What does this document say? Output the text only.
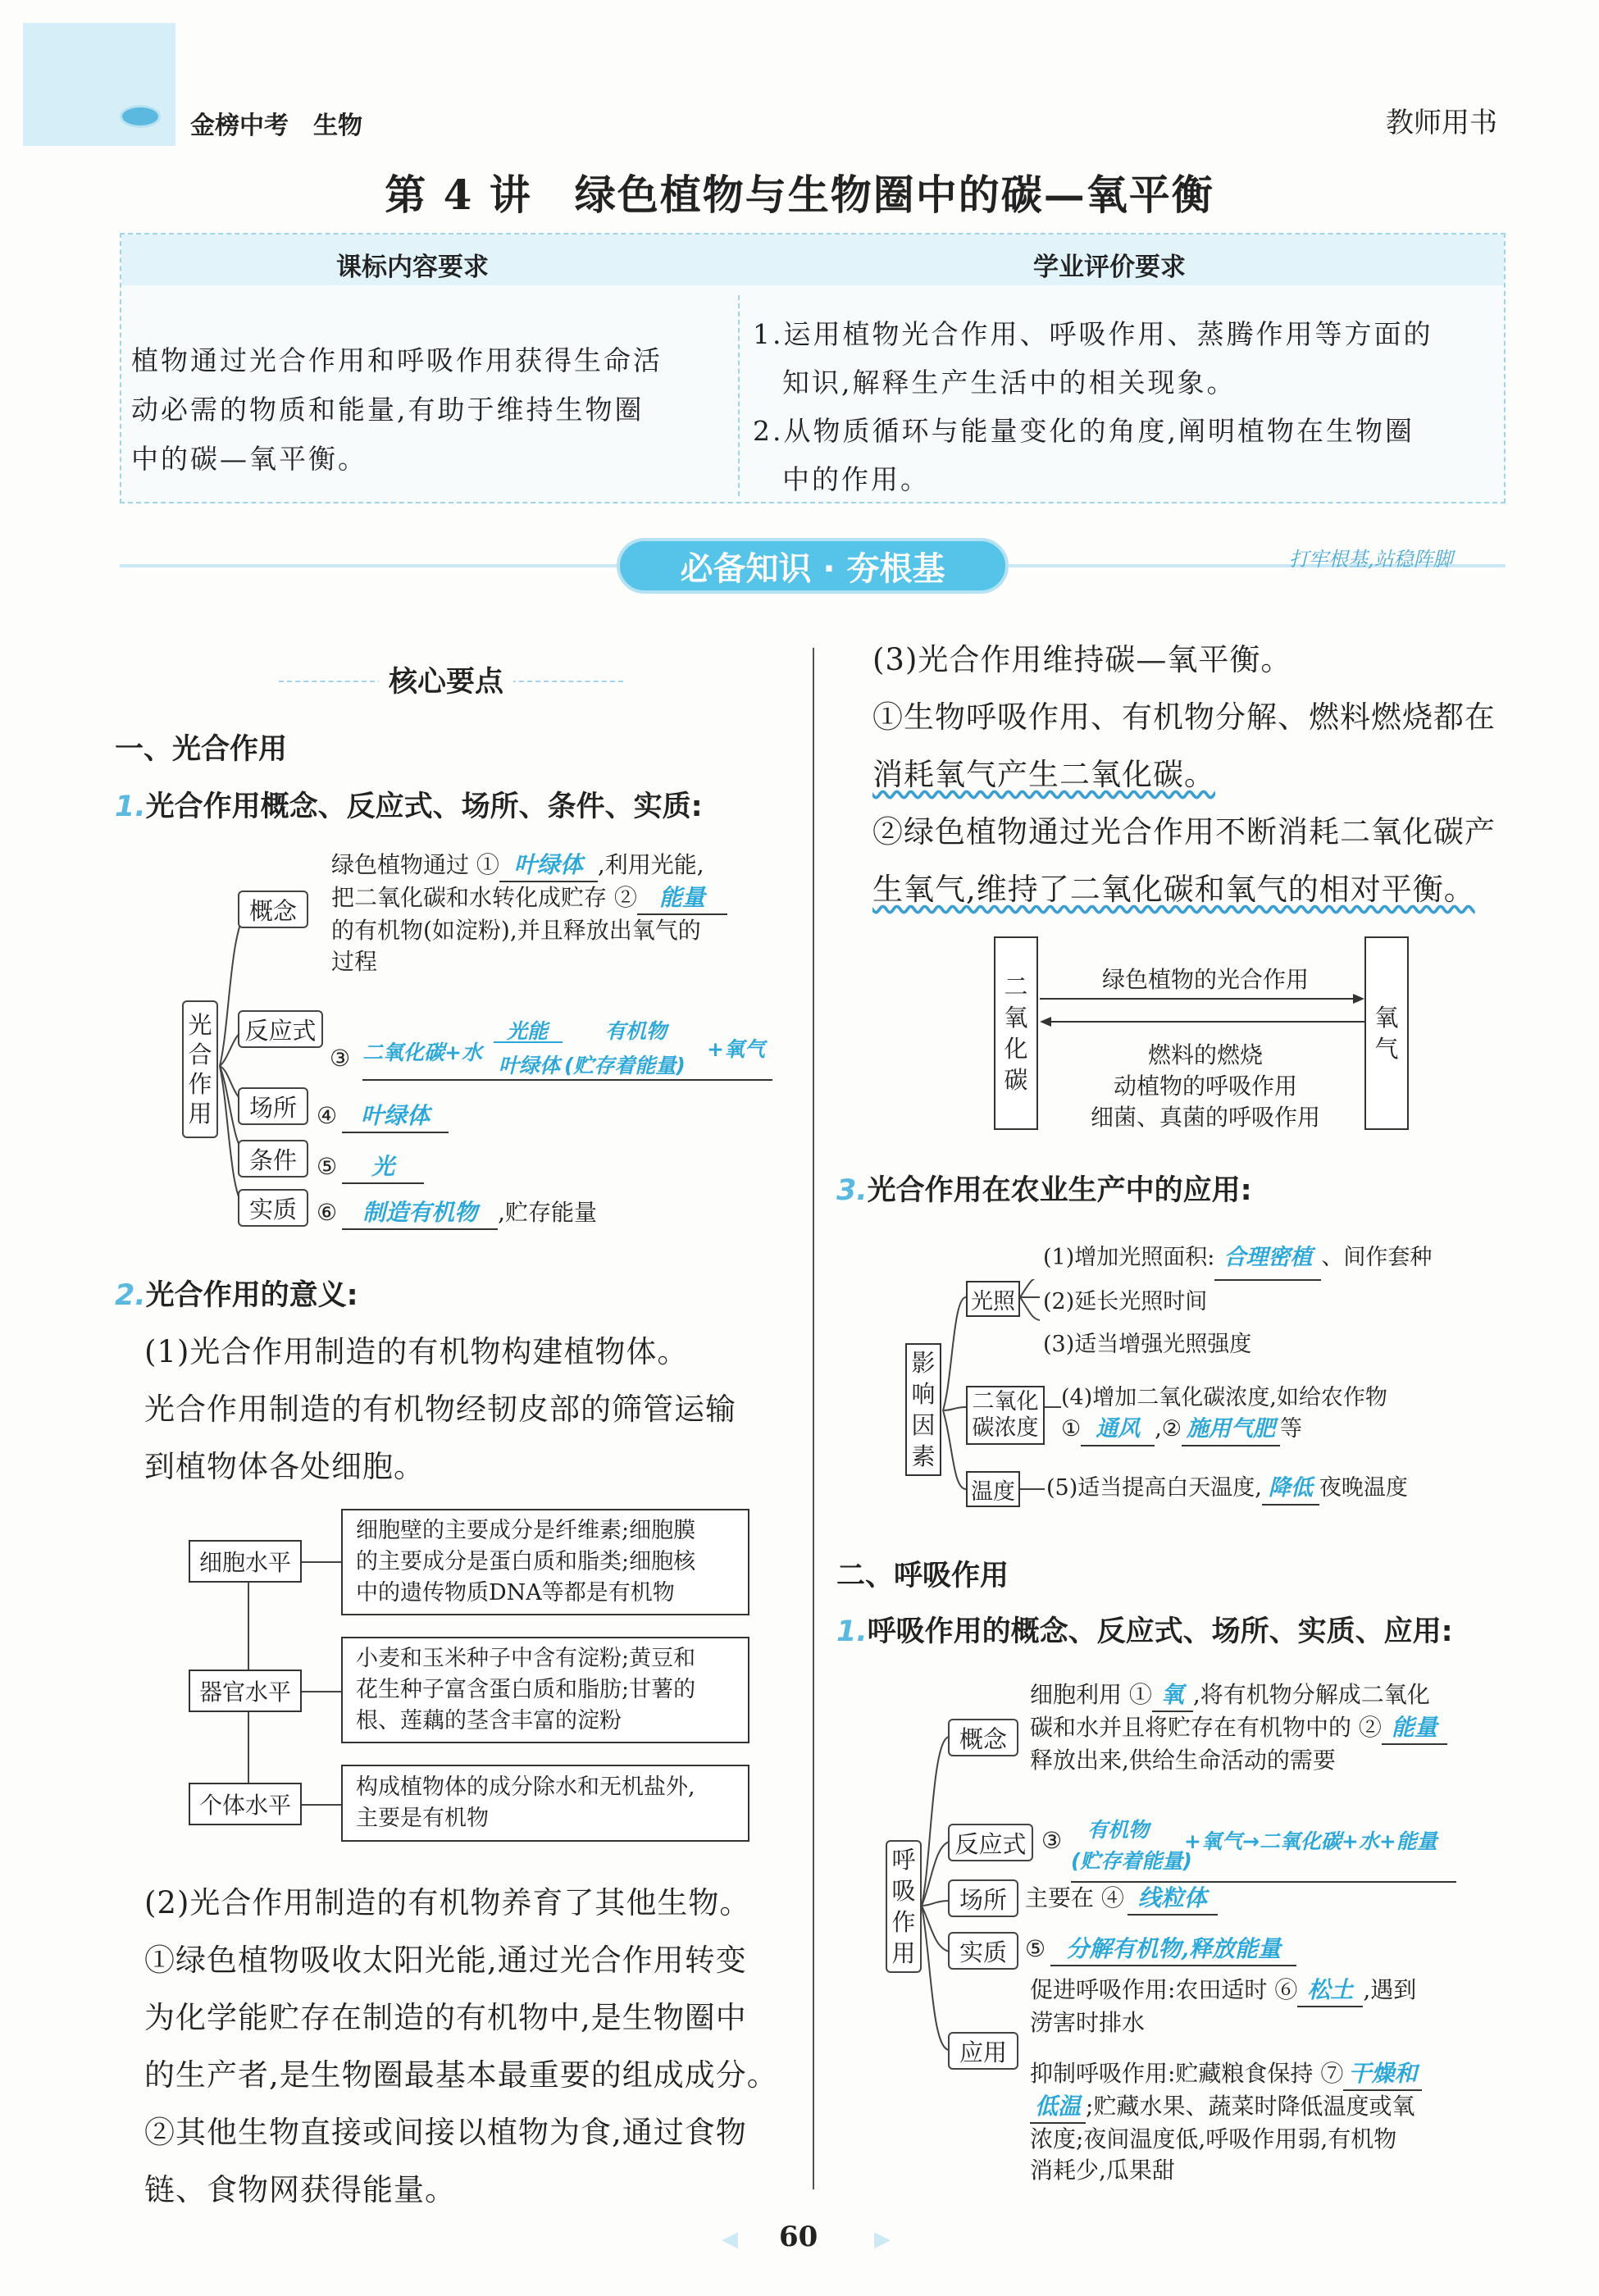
金榜中考　 生物	教师用书
第 4 讲　绿色植物与生物圈中的碳—氧平衡
课标内容要求	学业评价要求
植物通过光合作用和呼吸作用获得生命活
动必需的物质和能量,有助于维持生物圈
中的碳—氧平衡。
1.运用植物光合作用、呼吸作用、蒸腾作用等方面的
　知识,解释生产生活中的相关现象。
2.从物质循环与能量变化的角度,阐明植物在生物圈
　中的作用。
必备知识 · 夯根基	打牢根基,站稳阵脚
核心要点
一、光合作用
1.光合作用概念、反应式、场所、条件、实质:
光
合
作
用
概念
绿色植物通过 ① 叶绿体 ,利用光能,
把二氧化碳和水转化成贮存 ② 能量
的有机物(如淀粉),并且释放出氧气的
过程
反应式
③ 二氧化碳+水
光能
叶绿体
有机物
(贮存着能量)
+氧气
场所 ④ 叶绿体
条件 ⑤ 光
实质 ⑥ 制造有机物 ,贮存能量
2.光合作用的意义:
(1)光合作用制造的有机物构建植物体。
光合作用制造的有机物经韧皮部的筛管运输
到植物体各处细胞。
细胞水平
细胞壁的主要成分是纤维素;细胞膜
的主要成分是蛋白质和脂类;细胞核
中的遗传物质DNA等都是有机物
器官水平
小麦和玉米种子中含有淀粉;黄豆和
花生种子富含蛋白质和脂肪;甘薯的
根、莲藕的茎含丰富的淀粉
个体水平
构成植物体的成分除水和无机盐外,
主要是有机物
(2)光合作用制造的有机物养育了其他生物。
①绿色植物吸收太阳光能,通过光合作用转变
为化学能贮存在制造的有机物中,是生物圈中
的生产者,是生物圈最基本最重要的组成成分。
②其他生物直接或间接以植物为食,通过食物
链、食物网获得能量。
(3)光合作用维持碳—氧平衡。
①生物呼吸作用、有机物分解、燃料燃烧都在
消耗氧气产生二氧化碳。
②绿色植物通过光合作用不断消耗二氧化碳产
生氧气,维持了二氧化碳和氧气的相对平衡。
二
氧
化
碳
氧
气
绿色植物的光合作用
燃料的燃烧
动植物的呼吸作用
细菌、真菌的呼吸作用
3.光合作用在农业生产中的应用:
影
响
因
素
光照
(1)增加光照面积: 合理密植 、间作套种
(2)延长光照时间
(3)适当增强光照强度
二氧化
碳浓度
(4)增加二氧化碳浓度,如给农作物
① 通风 ,② 施用气肥 等
温度 (5)适当提高白天温度, 降低 夜晚温度
二、呼吸作用
1.呼吸作用的概念、反应式、场所、实质、应用:
呼
吸
作
用
概念
细胞利用 ① 氧 ,将有机物分解成二氧化
碳和水并且将贮存在有机物中的 ② 能量
释放出来,供给生命活动的需要
反应式 ③ 有机物
(贮存着能量)
+氧气→二氧化碳+水+能量
场所 主要在 ④ 线粒体
实质 ⑤ 分解有机物,释放能量
应用
促进呼吸作用:农田适时 ⑥ 松土 ,遇到
涝害时排水
抑制呼吸作用:贮藏粮食保持 ⑦ 干燥和
低温 ;贮藏水果、蔬菜时降低温度或氧
浓度;夜间温度低,呼吸作用弱,有机物
消耗少,瓜果甜
◀ 60	▶
